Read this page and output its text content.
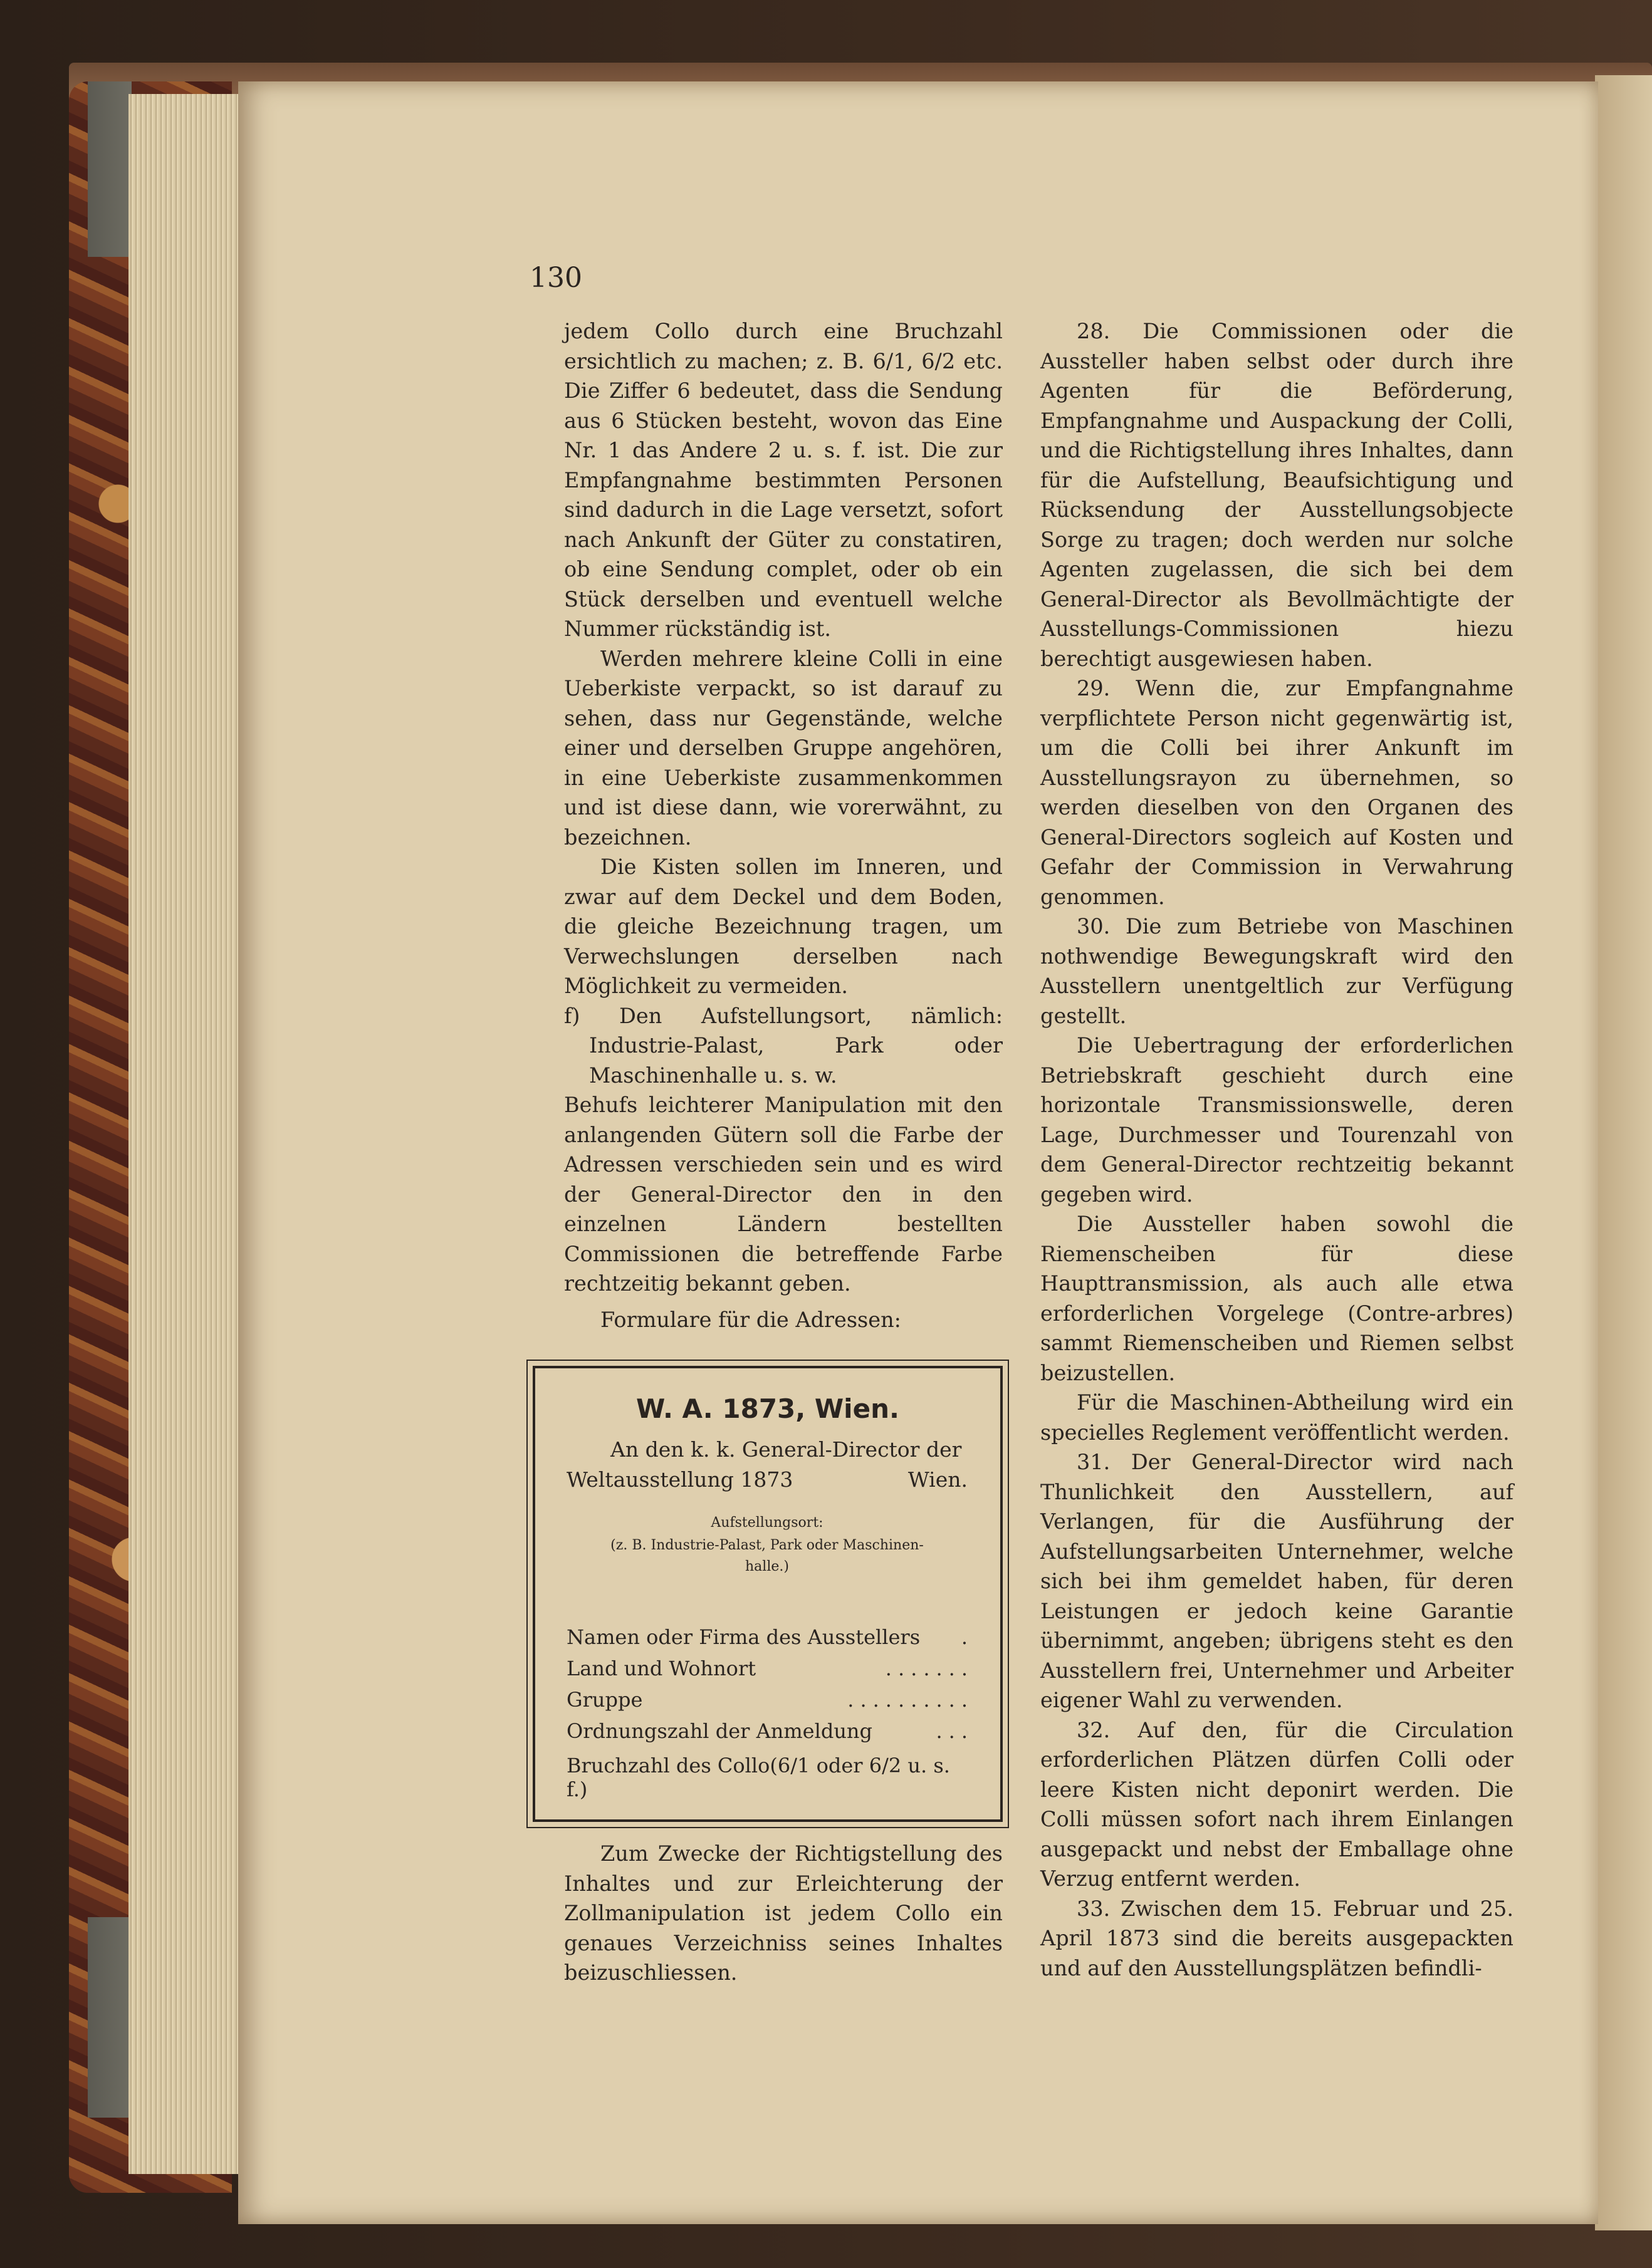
130

jedem Collo durch eine Bruchzahl ersichtlich zu machen; z. B. 6/1, 6/2 etc. Die Ziffer 6 bedeutet, dass die Sendung aus 6 Stücken besteht, wovon das Eine Nr. 1 das Andere 2 u. s. f. ist. Die zur Empfangnahme bestimmten Personen sind dadurch in die Lage versetzt, sofort nach Ankunft der Güter zu constatiren, ob eine Sendung complet, oder ob ein Stück derselben und eventuell welche Nummer rückständig ist.

Werden mehrere kleine Colli in eine Ueberkiste verpackt, so ist darauf zu sehen, dass nur Gegenstände, welche einer und derselben Gruppe angehören, in eine Ueberkiste zusammenkommen und ist diese dann, wie vorerwähnt, zu bezeichnen.

Die Kisten sollen im Inneren, und zwar auf dem Deckel und dem Boden, die gleiche Bezeichnung tragen, um Verwechslungen derselben nach Möglichkeit zu vermeiden.

f) Den Aufstellungsort, nämlich: Industrie-Palast, Park oder Maschinenhalle u. s. w.

Behufs leichterer Manipulation mit den anlangenden Gütern soll die Farbe der Adressen verschieden sein und es wird der General-Director den in den einzelnen Ländern bestellten Commissionen die betreffende Farbe rechtzeitig bekannt geben.

Formulare für die Adressen:

W. A. 1873, Wien.
An den k. k. General-Director der
Weltausstellung 1873	Wien.
Aufstellungsort:
(z. B. Industrie-Palast, Park oder Maschinen-
halle.)
Namen oder Firma des Ausstellers .
Land und Wohnort	.......
Gruppe	..........
Ordnungszahl der Anmeldung	...
Bruchzahl des Collo(6/1 oder 6/2 u. s. f.)

Zum Zwecke der Richtigstellung des Inhaltes und zur Erleichterung der Zollmanipulation ist jedem Collo ein genaues Verzeichniss seines Inhaltes beizuschliessen.

28. Die Commissionen oder die Aussteller haben selbst oder durch ihre Agenten für die Beförderung, Empfangnahme und Auspackung der Colli, und die Richtigstellung ihres Inhaltes, dann für die Aufstellung, Beaufsichtigung und Rücksendung der Ausstellungsobjecte Sorge zu tragen; doch werden nur solche Agenten zugelassen, die sich bei dem General-Director als Bevollmächtigte der Ausstellungs-Commissionen hiezu berechtigt ausgewiesen haben.

29. Wenn die, zur Empfangnahme verpflichtete Person nicht gegenwärtig ist, um die Colli bei ihrer Ankunft im Ausstellungsrayon zu übernehmen, so werden dieselben von den Organen des General-Directors sogleich auf Kosten und Gefahr der Commission in Verwahrung genommen.

30. Die zum Betriebe von Maschinen nothwendige Bewegungskraft wird den Ausstellern unentgeltlich zur Verfügung gestellt.

Die Uebertragung der erforderlichen Betriebskraft geschieht durch eine horizontale Transmissionswelle, deren Lage, Durchmesser und Tourenzahl von dem General-Director rechtzeitig bekannt gegeben wird.

Die Aussteller haben sowohl die Riemenscheiben für diese Haupttransmission, als auch alle etwa erforderlichen Vorgelege (Contre-arbres) sammt Riemenscheiben und Riemen selbst beizustellen.

Für die Maschinen-Abtheilung wird ein specielles Reglement veröffentlicht werden.

31. Der General-Director wird nach Thunlichkeit den Ausstellern, auf Verlangen, für die Ausführung der Aufstellungsarbeiten Unternehmer, welche sich bei ihm gemeldet haben, für deren Leistungen er jedoch keine Garantie übernimmt, angeben; übrigens steht es den Ausstellern frei, Unternehmer und Arbeiter eigener Wahl zu verwenden.

32. Auf den, für die Circulation erforderlichen Plätzen dürfen Colli oder leere Kisten nicht deponirt werden. Die Colli müssen sofort nach ihrem Einlangen ausgepackt und nebst der Emballage ohne Verzug entfernt werden.

33. Zwischen dem 15. Februar und 25. April 1873 sind die bereits ausgepackten und auf den Ausstellungsplätzen befindli-
